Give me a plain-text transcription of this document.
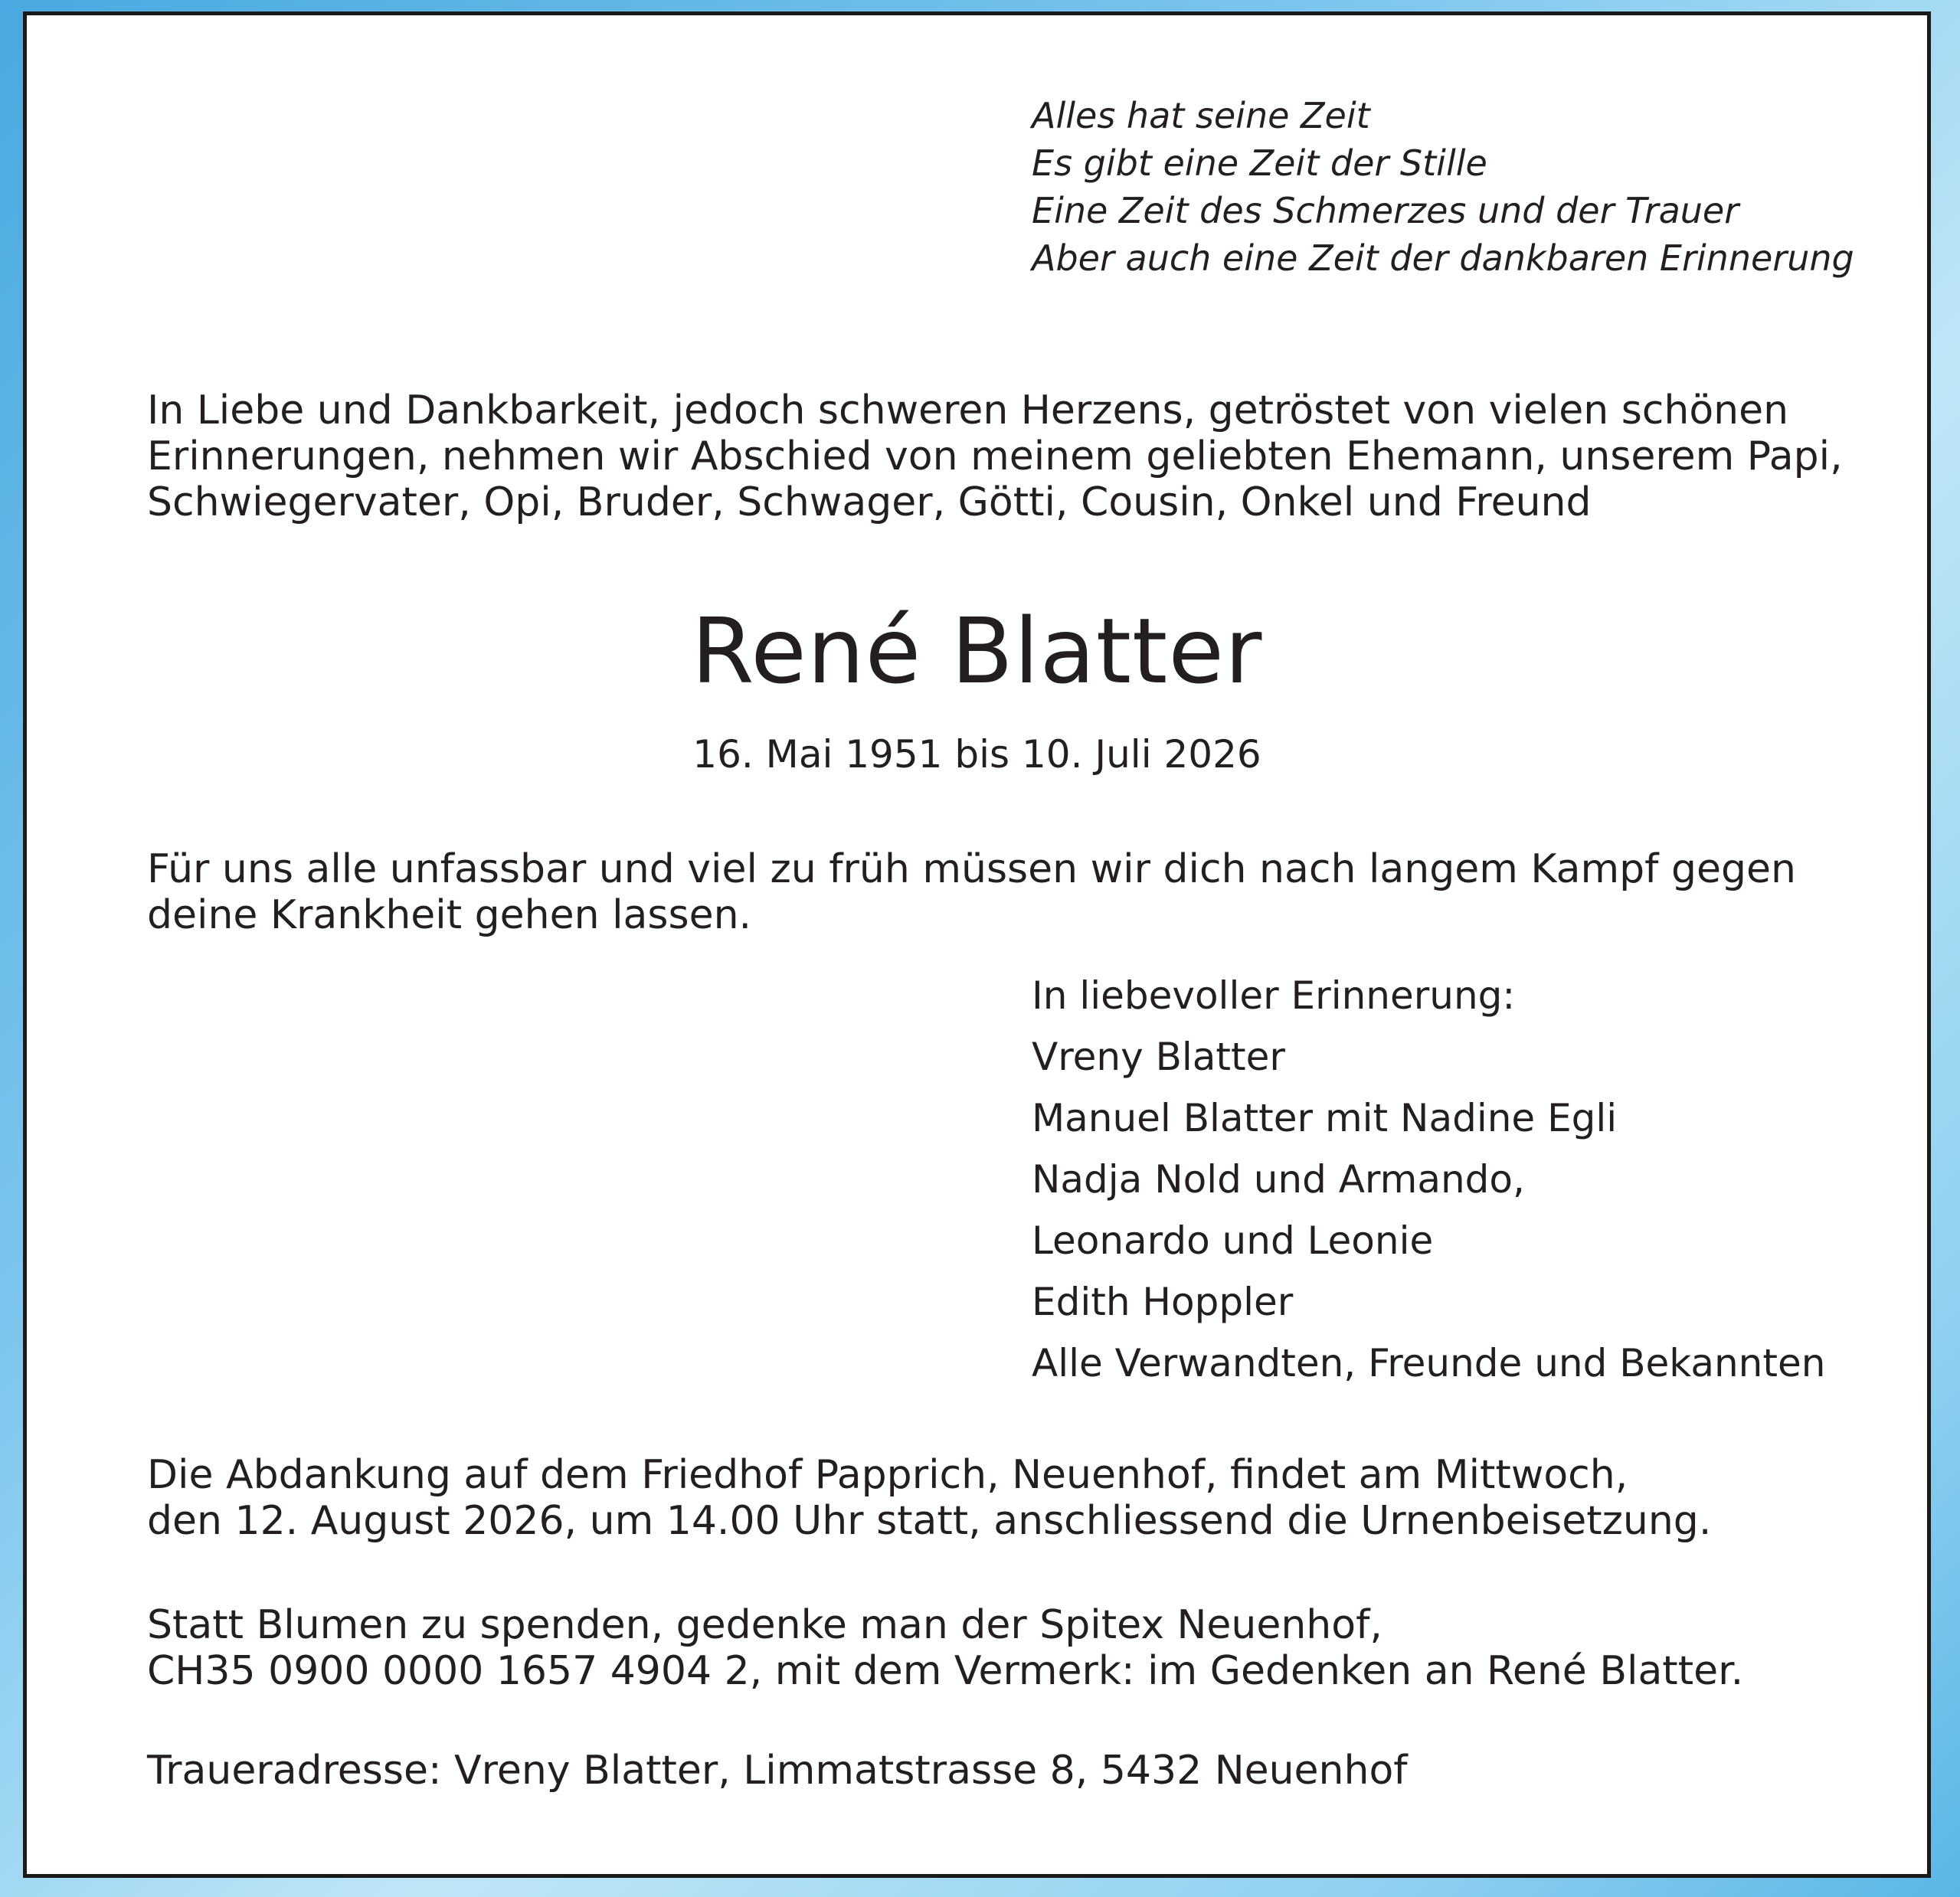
Alles hat seine Zeit
Es gibt eine Zeit der Stille
Eine Zeit des Schmerzes und der Trauer
Aber auch eine Zeit der dankbaren Erinnerung

In Liebe und Dankbarkeit, jedoch schweren Herzens, getröstet von vielen schönen
Erinnerungen, nehmen wir Abschied von meinem geliebten Ehemann, unserem Papi,
Schwiegervater, Opi, Bruder, Schwager, Götti, Cousin, Onkel und Freund

René Blatter

16. Mai 1951 bis 10. Juli 2026

Für uns alle unfassbar und viel zu früh müssen wir dich nach langem Kampf gegen
deine Krankheit gehen lassen.

In liebevoller Erinnerung:
Vreny Blatter
Manuel Blatter mit Nadine Egli
Nadja Nold und Armando,
Leonardo und Leonie
Edith Hoppler
Alle Verwandten, Freunde und Bekannten

Die Abdankung auf dem Friedhof Papprich, Neuenhof, findet am Mittwoch,
den 12. August 2026, um 14.00 Uhr statt, anschliessend die Urnenbeisetzung.

Statt Blumen zu spenden, gedenke man der Spitex Neuenhof,
CH35 0900 0000 1657 4904 2, mit dem Vermerk: im Gedenken an René Blatter.

Traueradresse: Vreny Blatter, Limmatstrasse 8, 5432 Neuenhof
